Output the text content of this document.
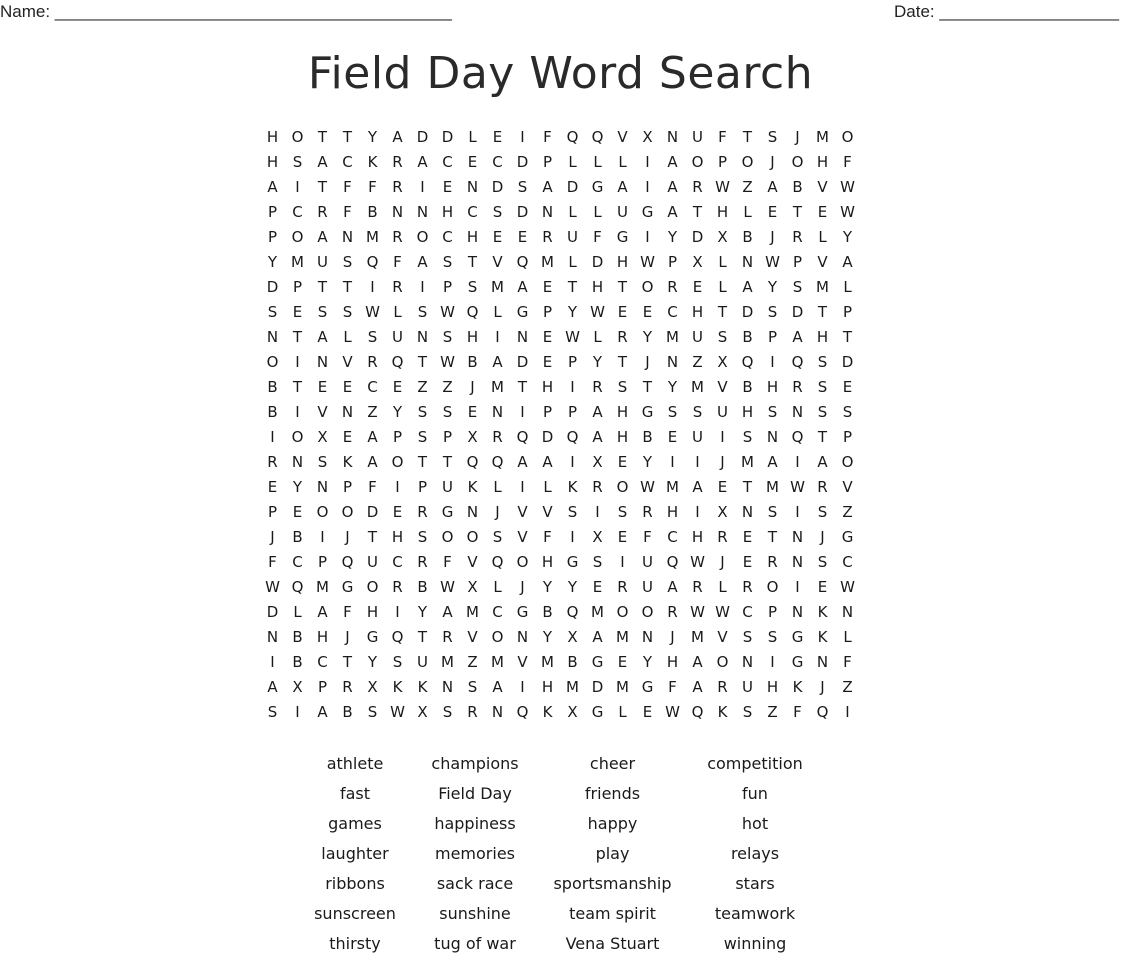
Name: __________________________________________	Date: ___________________
Field Day Word Search
H O T	T	Y	A D D	L	E	I	F Q Q V X N U	F	T	S	J	M O
H S	A C K R A C	E	C D P	L	L	L	I	A O P O	J	O H	F
A	I	T	F	F	R	I	E N D S	A D G A	I	A R W Z A B V W
P	C R	F	B N N H C	S D N	L	L	U G A	T H	L	E	T	E W
P O A N M R O C H E	E	R U	F G	I	Y D X B	J	R	L	Y
Y M U S Q F	A	S	T	V Q M L	D H W P	X	L	N W P	V A
D P	T	T	I	R	I	P	S M A	E	T H T O R	E	L	A	Y	S M L
S	E	S	S W L	S W Q L	G P	Y W E	E	C H T D S D T	P
N T	A	L	S U N S H	I	N E W L	R	Y M U S	B	P	A H T
O	I	N V R Q T W B A D E	P	Y	T	J	N Z X Q	I	Q S D
B	T	E	E	C	E	Z Z	J	M T H	I	R	S	T	Y M V B H R	S	E
B	I	V N Z	Y	S	S	E N	I	P	P	A H G S	S U H S N S	S
I	O X	E	A	P	S	P	X R Q D Q A H B	E U	I	S N Q T	P
R N S	K A O T	T Q Q A A	I	X	E	Y	I	I	J	M A	I	A O
E	Y N P	F	I	P U K	L	I	L	K R O W M A	E	T M W R V
P	E O O D E	R G N	J	V V	S	I	S	R H	I	X N S	I	S	Z
J	B	I	J	T H S O O S	V	F	I	X	E	F	C H R	E	T N	J	G
F	C	P Q U C R	F	V Q O H G S	I	U Q W	J	E	R N S C
W Q M G O R B W X	L	J	Y	Y	E	R U A R	L	R O	I	E W
D	L	A	F	H	I	Y	A M C G B Q M O O R W W C	P N K N
N B H	J	G Q T	R V O N Y	X A M N	J	M V	S	S G K	L
I	B C	T	Y	S U M Z M V M B G E	Y H A O N	I	G N	F
A X	P	R X K	K N S	A	I	H M D M G F	A R U H K	J	Z
S	I	A B	S W X	S	R N Q K X G	L	E W Q K	S	Z	F Q	I
athlete	champions	cheer	competition
fast	Field Day	friends	fun
games	happiness	happy	hot
laughter	memories	play	relays
ribbons	sack race	sportsmanship	stars
sunscreen	sunshine	team spirit	teamwork
thirsty	tug of war	Vena Stuart	winning
